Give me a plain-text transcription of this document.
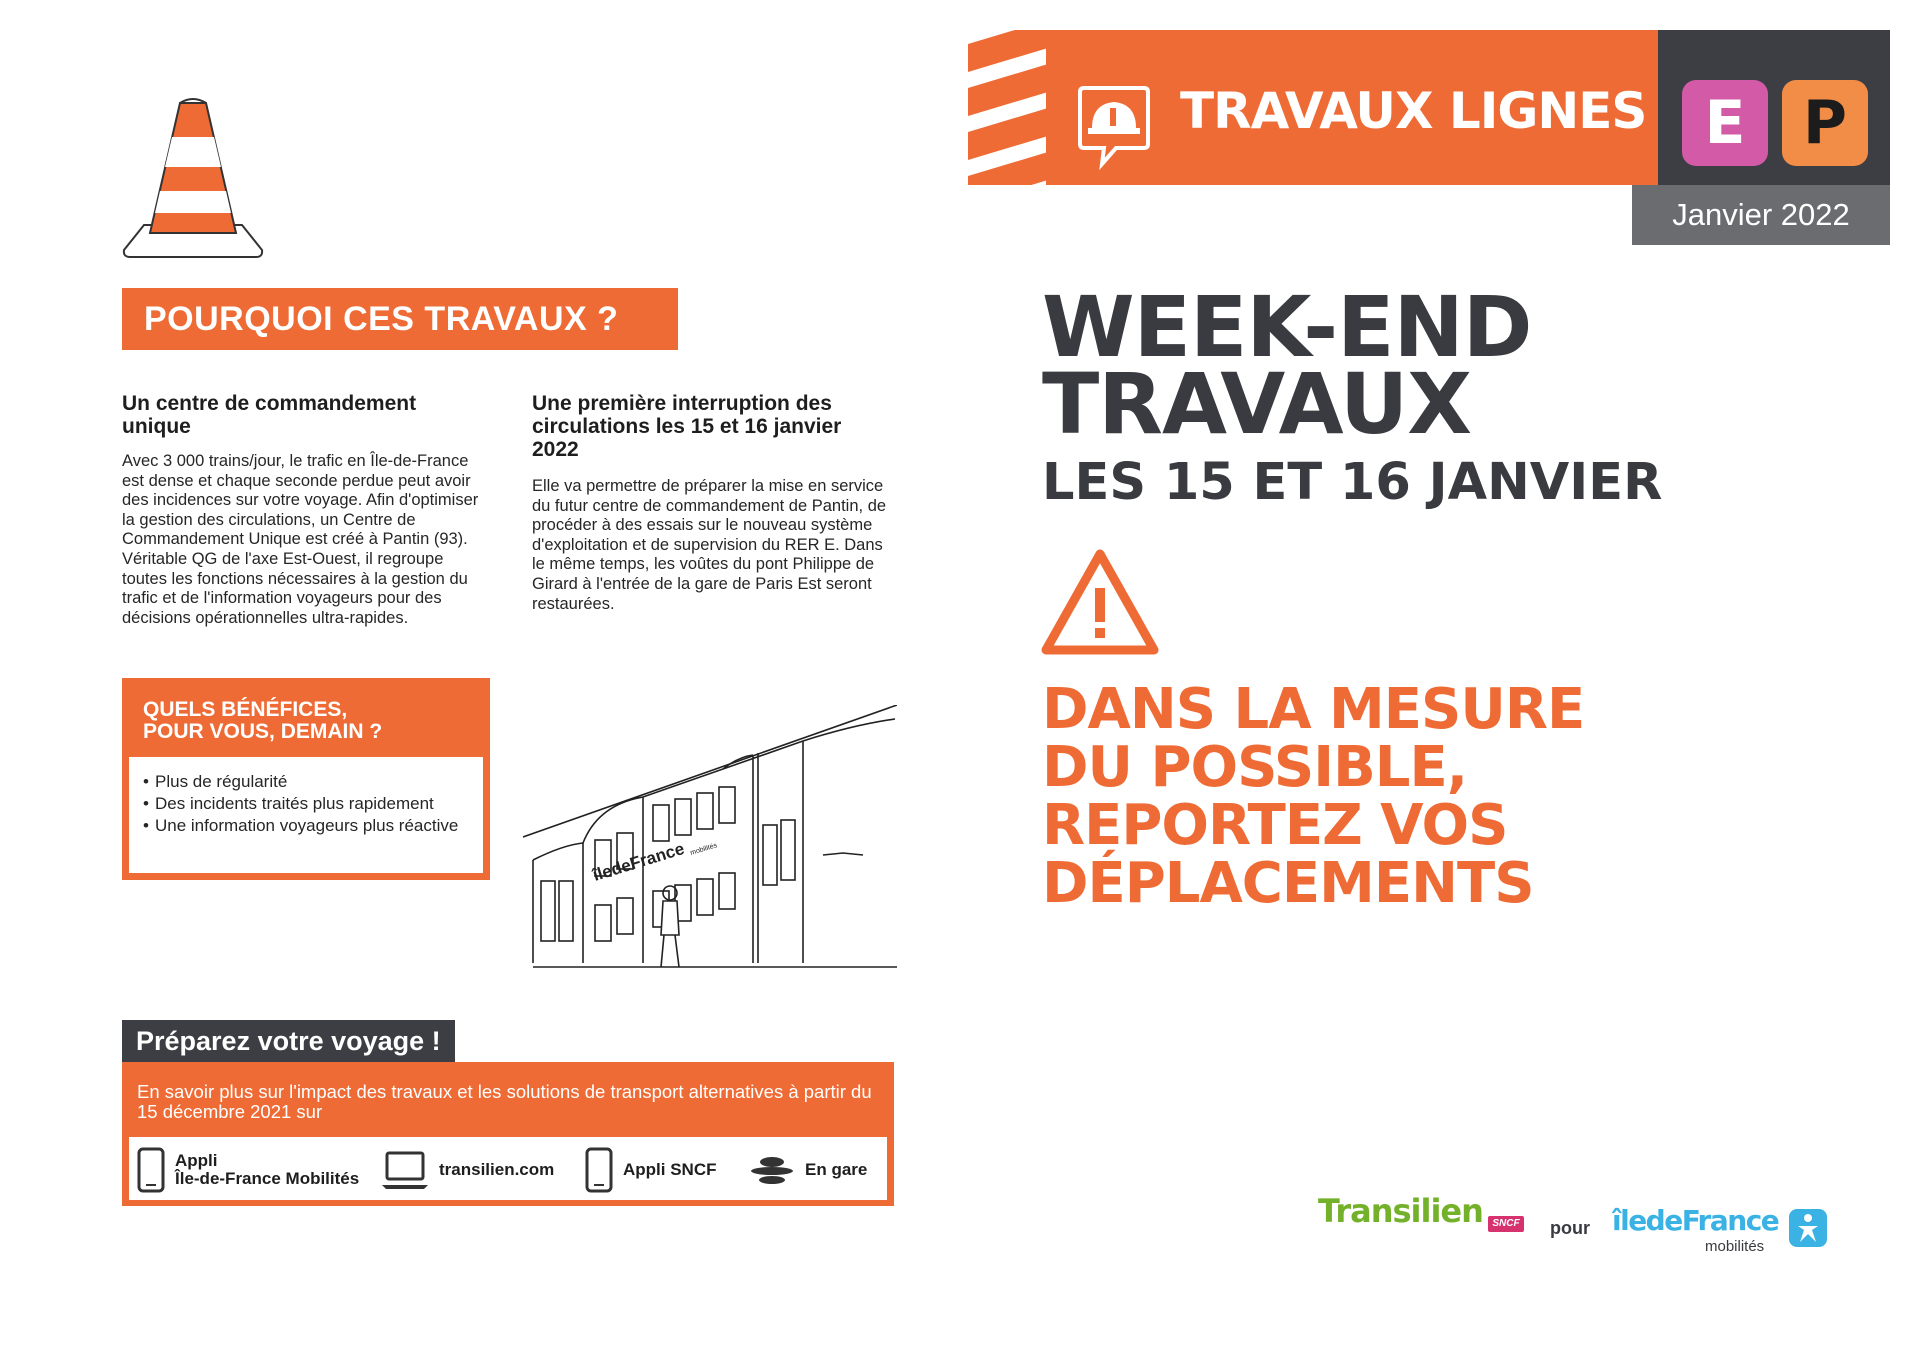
POURQUOI CES TRAVAUX ?
Un centre de commandement unique
Avec 3 000 trains/jour, le trafic en Île-de-France est dense et chaque seconde perdue peut avoir des incidences sur votre voyage. Afin d'optimiser la gestion des circulations, un Centre de Commandement Unique est créé à Pantin (93). Véritable QG de l'axe Est-Ouest, il regroupe toutes les fonctions nécessaires à la gestion du trafic et de l'information voyageurs pour des décisions opérationnelles ultra-rapides.
Une première interruption des circulations les 15 et 16 janvier 2022
Elle va permettre de préparer la mise en service du futur centre de commandement de Pantin, de procéder à des essais sur le nouveau système d'exploitation et de supervision du RER E. Dans le même temps, les voûtes du pont Philippe de Girard à l'entrée de la gare de Paris Est seront restaurées.
QUELS BÉNÉFICES,
POUR VOUS, DEMAIN ?
• Plus de régularité
• Des incidents traités plus rapidement
• Une information voyageurs plus réactive
îledeFrance mobilités
Préparez votre voyage !
En savoir plus sur l'impact des travaux et les solutions de transport alternatives à partir du 15 décembre 2021 sur
Appli
Île-de-France Mobilités	transilien.com	Appli SNCF	En gare
TRAVAUX LIGNES E P
Janvier 2022
WEEK-END
TRAVAUX
LES 15 ET 16 JANVIER
DANS LA MESURE
DU POSSIBLE,
REPORTEZ VOS
DÉPLACEMENTS
Transilien SNCF pour îledeFrance
mobilités
